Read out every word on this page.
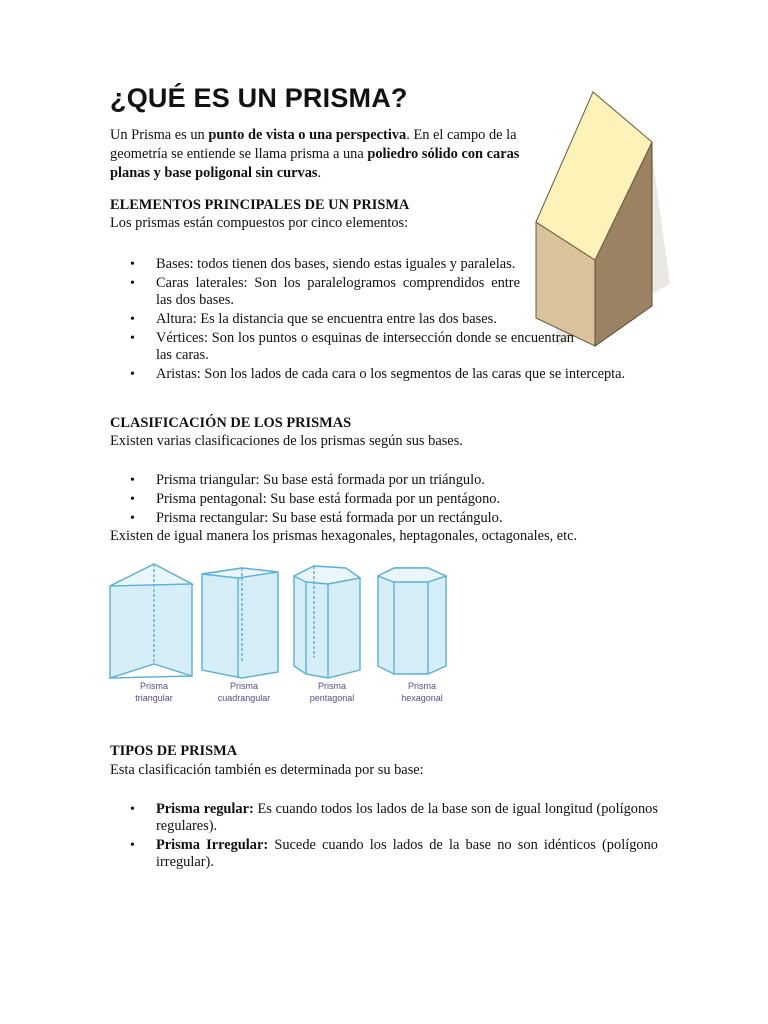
¿QUÉ ES UN PRISMA?

Un Prisma es un punto de vista o una perspectiva. En el campo de la geometría se entiende se llama prisma a una poliedro sólido con caras planas y base poligonal sin curvas.

ELEMENTOS PRINCIPALES DE UN PRISMA

Los prismas están compuestos por cinco elementos:

• Bases: todos tienen dos bases, siendo estas iguales y paralelas.
• Caras laterales: Son los paralelogramos comprendidos entre las dos bases.
• Altura: Es la distancia que se encuentra entre las dos bases.
• Vértices: Son los puntos o esquinas de intersección donde se encuentran las caras.
• Aristas: Son los lados de cada cara o los segmentos de las caras que se intercepta.

CLASIFICACIÓN DE LOS PRISMAS

Existen varias clasificaciones de los prismas según sus bases.

• Prisma triangular: Su base está formada por un triángulo.
• Prisma pentagonal: Su base está formada por un pentágono.
• Prisma rectangular: Su base está formada por un rectángulo.

Existen de igual manera los prismas hexagonales, heptagonales, octagonales, etc.

Prisma
triangular
Prisma
cuadrangular
Prisma
pentagonal
Prisma
hexagonal

TIPOS DE PRISMA

Esta clasificación también es determinada por su base:

• Prisma regular: Es cuando todos los lados de la base son de igual longitud (polígonos regulares).
• Prisma Irregular: Sucede cuando los lados de la base no son idénticos (polígono irregular).
